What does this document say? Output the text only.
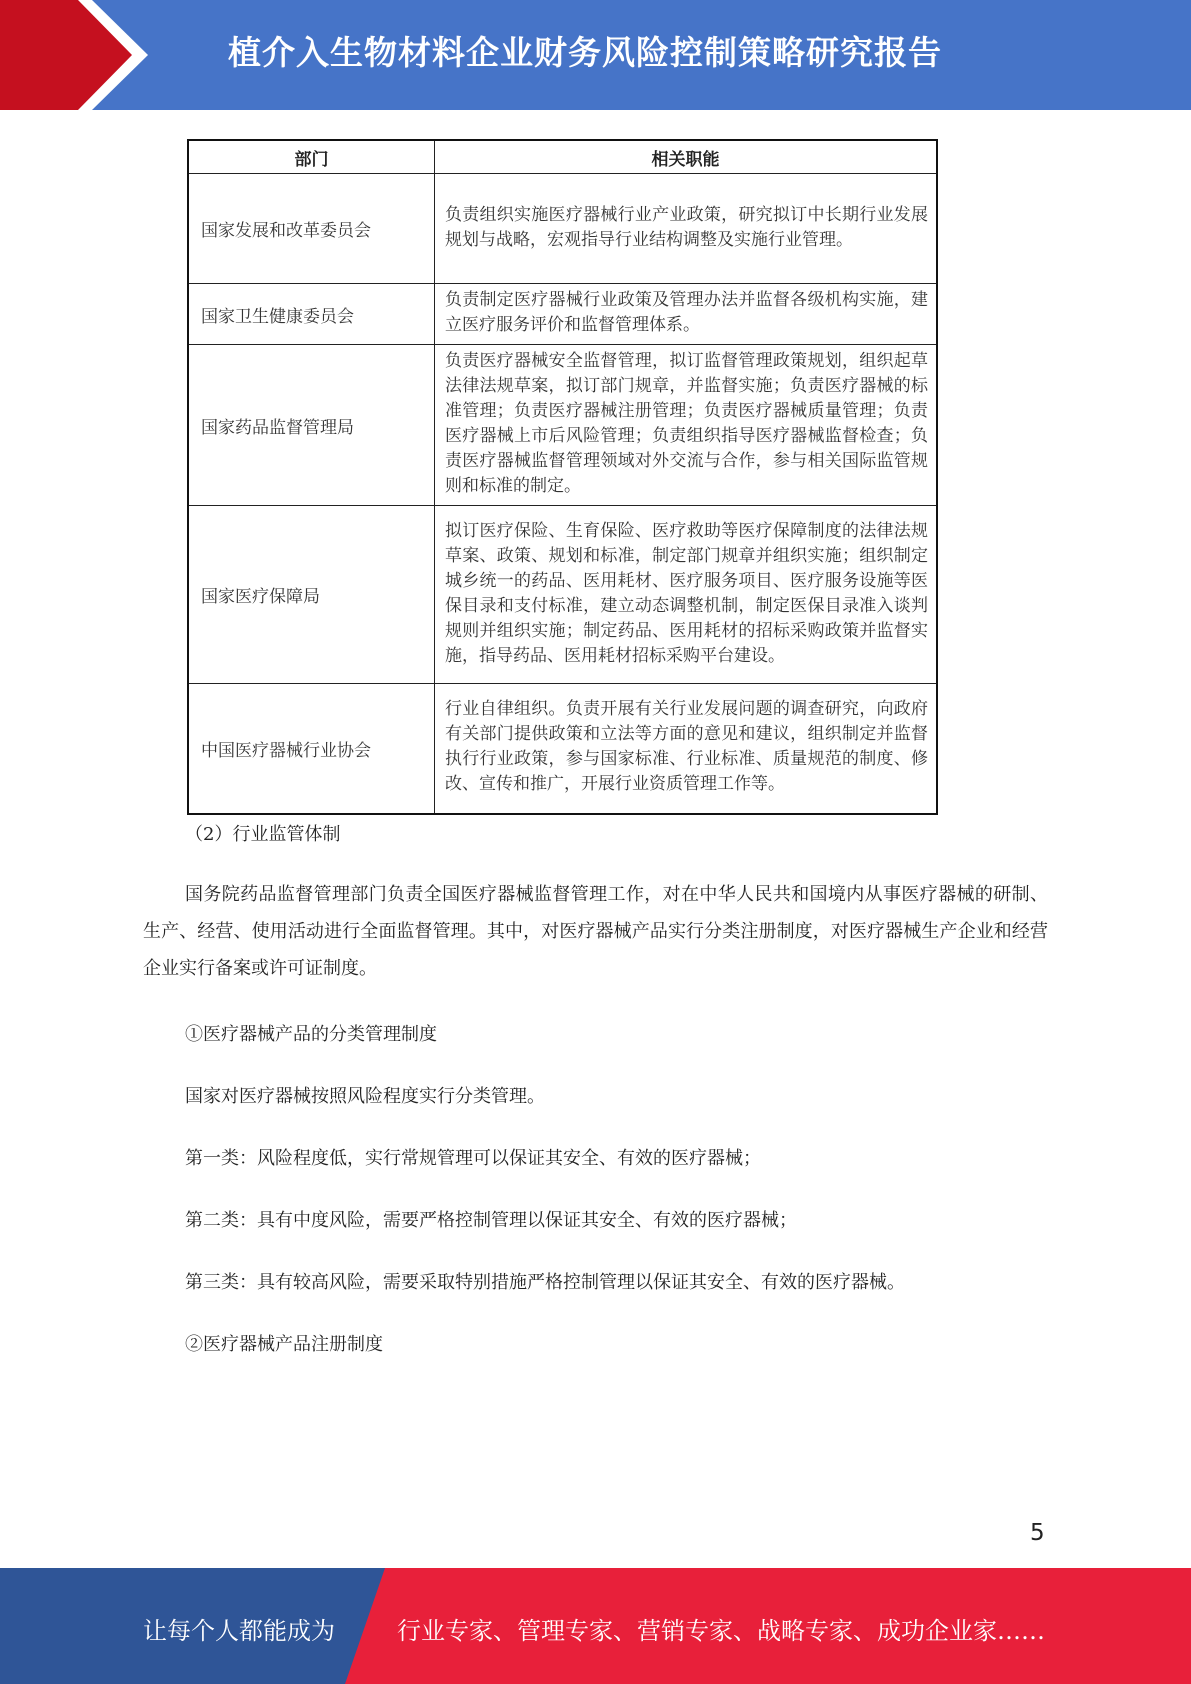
植介入生物材料企业财务风险控制策略研究报告
部门	相关职能
国家发展和改革委员会	负责组织实施医疗器械行业产业政策，研究拟订中长期行业发展规划与战略，宏观指导行业结构调整及实施行业管理。
国家卫生健康委员会	负责制定医疗器械行业政策及管理办法并监督各级机构实施，建立医疗服务评价和监督管理体系。
国家药品监督管理局	负责医疗器械安全监督管理，拟订监督管理政策规划，组织起草法律法规草案，拟订部门规章，并监督实施；负责医疗器械的标准管理；负责医疗器械注册管理；负责医疗器械质量管理；负责医疗器械上市后风险管理；负责组织指导医疗器械监督检查；负责医疗器械监督管理领域对外交流与合作，参与相关国际监管规则和标准的制定。
国家医疗保障局	拟订医疗保险、生育保险、医疗救助等医疗保障制度的法律法规草案、政策、规划和标准，制定部门规章并组织实施；组织制定城乡统一的药品、医用耗材、医疗服务项目、医疗服务设施等医保目录和支付标准，建立动态调整机制，制定医保目录准入谈判规则并组织实施；制定药品、医用耗材的招标采购政策并监督实施，指导药品、医用耗材招标采购平台建设。
中国医疗器械行业协会	行业自律组织。负责开展有关行业发展问题的调查研究，向政府有关部门提供政策和立法等方面的意见和建议，组织制定并监督执行行业政策，参与国家标准、行业标准、质量规范的制度、修改、宣传和推广，开展行业资质管理工作等。
（2）行业监管体制
国务院药品监督管理部门负责全国医疗器械监督管理工作，对在中华人民共和国境内从事医疗器械的研制、生产、经营、使用活动进行全面监督管理。其中，对医疗器械产品实行分类注册制度，对医疗器械生产企业和经营企业实行备案或许可证制度。
①医疗器械产品的分类管理制度
国家对医疗器械按照风险程度实行分类管理。
第一类：风险程度低，实行常规管理可以保证其安全、有效的医疗器械；
第二类：具有中度风险，需要严格控制管理以保证其安全、有效的医疗器械；
第三类：具有较高风险，需要采取特别措施严格控制管理以保证其安全、有效的医疗器械。
②医疗器械产品注册制度
5
让每个人都能成为	行业专家、管理专家、营销专家、战略专家、成功企业家……
